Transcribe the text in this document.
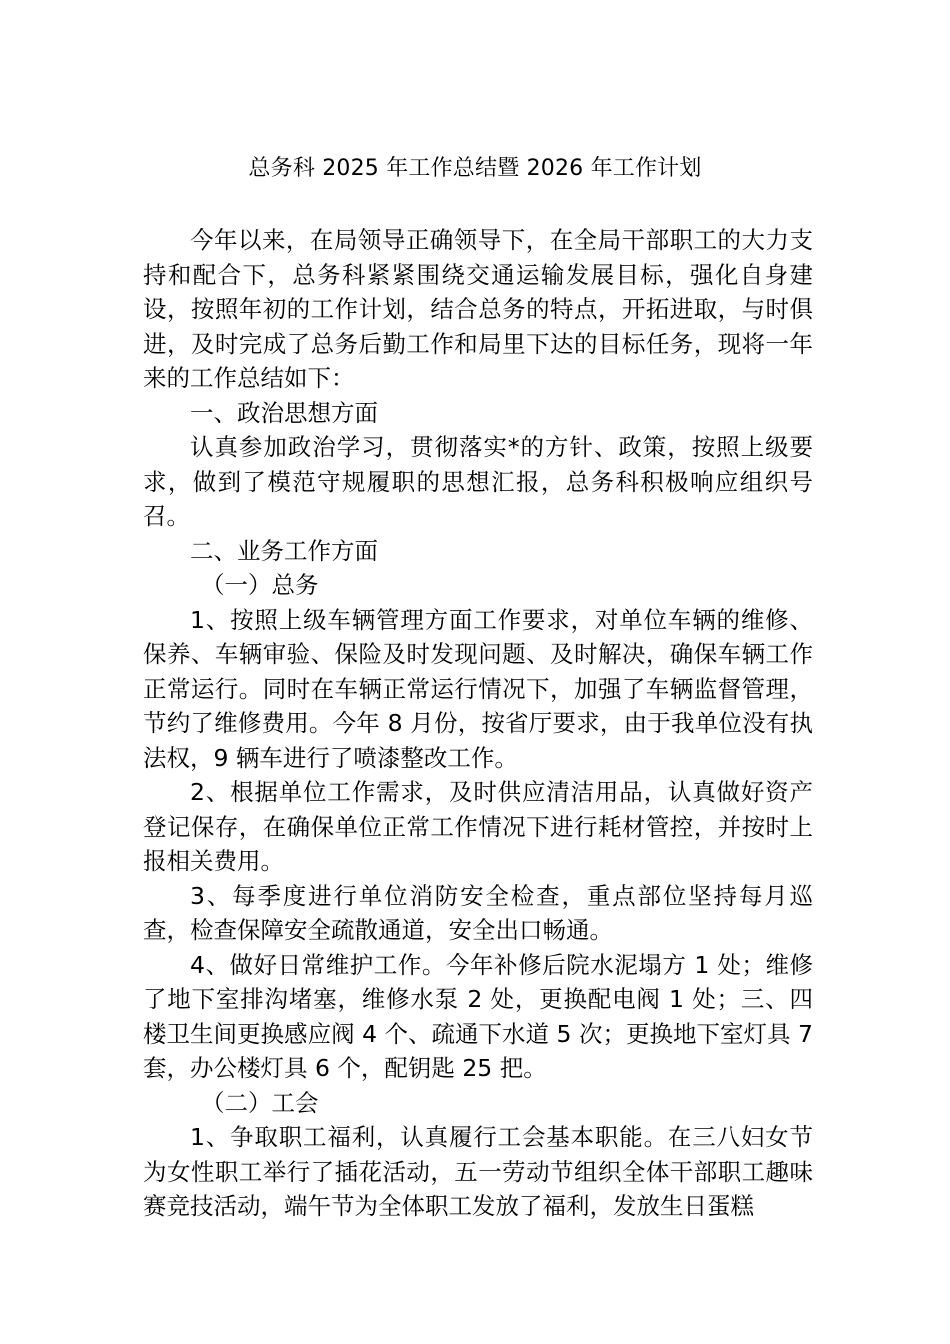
总务科 2025 年工作总结暨 2026 年工作计划

今年以来，在局领导正确领导下，在全局干部职工的大力支持和配合下，总务科紧紧围绕交通运输发展目标，强化自身建设，按照年初的工作计划，结合总务的特点，开拓进取，与时俱进，及时完成了总务后勤工作和局里下达的目标任务，现将一年来的工作总结如下：

一、政治思想方面

认真参加政治学习，贯彻落实*的方针、政策，按照上级要求，做到了模范守规履职的思想汇报，总务科积极响应组织号召。

二、业务工作方面

（一）总务

1、按照上级车辆管理方面工作要求，对单位车辆的维修、保养、车辆审验、保险及时发现问题、及时解决，确保车辆工作正常运行。同时在车辆正常运行情况下，加强了车辆监督管理，节约了维修费用。今年 8 月份，按省厅要求，由于我单位没有执法权，9 辆车进行了喷漆整改工作。

2、根据单位工作需求，及时供应清洁用品，认真做好资产登记保存，在确保单位正常工作情况下进行耗材管控，并按时上报相关费用。

3、每季度进行单位消防安全检查，重点部位坚持每月巡查，检查保障安全疏散通道，安全出口畅通。

4、做好日常维护工作。今年补修后院水泥塌方 1 处；维修了地下室排沟堵塞，维修水泵 2 处，更换配电阀 1 处；三、四楼卫生间更换感应阀 4 个、疏通下水道 5 次；更换地下室灯具 7 套，办公楼灯具 6 个，配钥匙 25 把。

（二）工会

1、争取职工福利，认真履行工会基本职能。在三八妇女节为女性职工举行了插花活动，五一劳动节组织全体干部职工趣味赛竞技活动，端午节为全体职工发放了福利，发放生日蛋糕
